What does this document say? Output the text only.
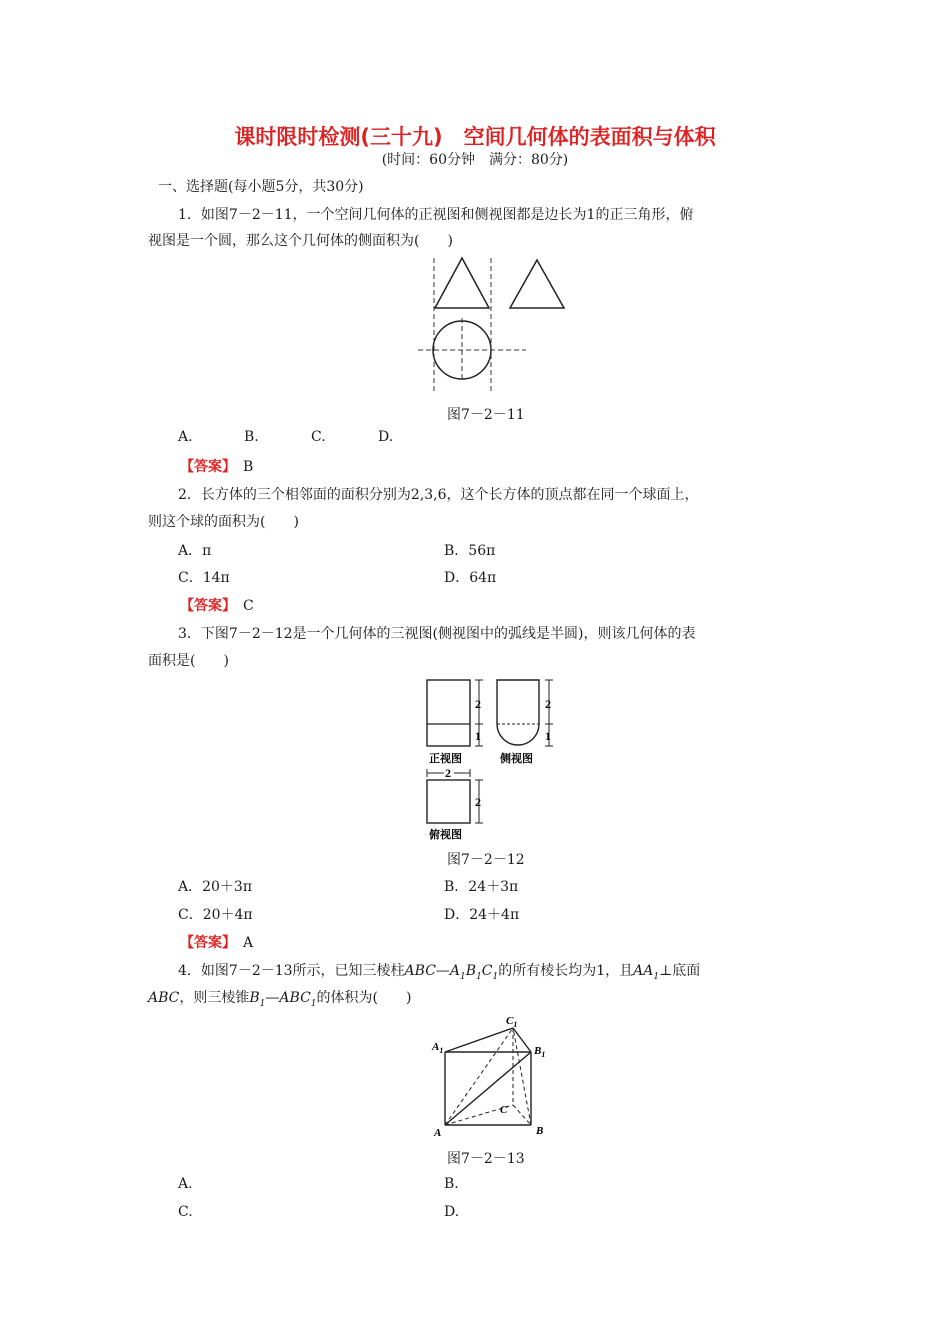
课时限时检测(三十九)　空间几何体的表面积与体积
(时间：60分钟　满分：80分)
一、选择题(每小题5分，共30分)
1．如图7－2－11，一个空间几何体的正视图和侧视图都是边长为1的正三角形，俯
视图是一个圆，那么这个几何体的侧面积为(　　)
图7－2－11
A.	B.	C.	D.
【答案】　 B
2．长方体的三个相邻面的面积分别为2,3,6，这个长方体的顶点都在同一个球面上，
则这个球的面积为(　　)
A．π	B．56π
C．14π	D．64π
【答案】　 C
3．下图7－2－12是一个几何体的三视图(侧视图中的弧线是半圆)，则该几何体的表
面积是(　　)
2
1
2
1
正视图	侧视图
2
2
俯视图
图7－2－12
A．20＋3π	B．24＋3π
C．20＋4π	D．24＋4π
【答案】　 A
4．如图7－2－13所示，已知三棱柱$ABC—A_1B_1C_1$的所有棱长均为1，且$AA_1\perp$底面
ABC，则三棱锥$B_1—ABC_1$的体积为(　　)
A	B
C
$A_1$	$B_1$
$C_1$
图7－2－13
A.	B.
C.	D.
